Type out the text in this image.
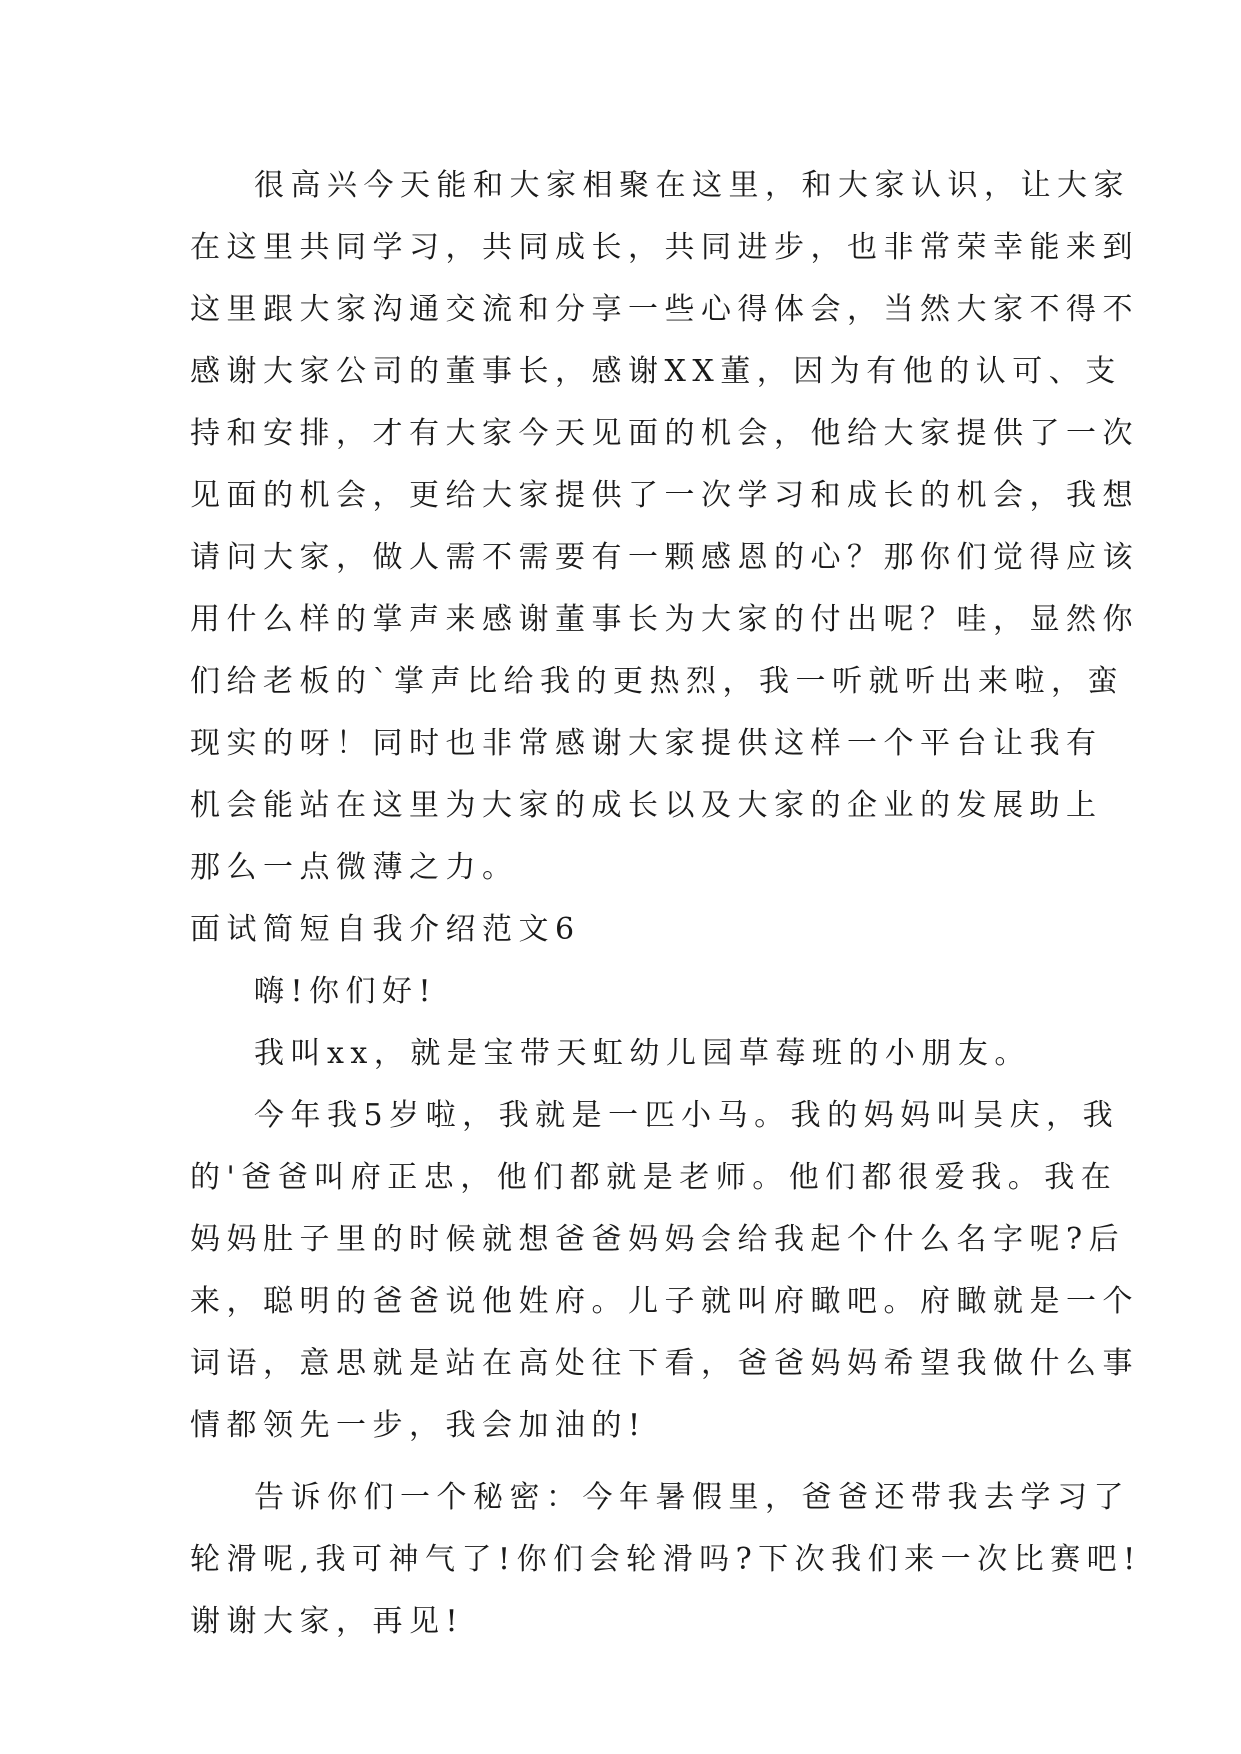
很高兴今天能和大家相聚在这里，和大家认识，让大家
在这里共同学习，共同成长，共同进步，也非常荣幸能来到
这里跟大家沟通交流和分享一些心得体会，当然大家不得不
感谢大家公司的董事长，感谢XX董，因为有他的认可、支
持和安排，才有大家今天见面的机会，他给大家提供了一次
见面的机会，更给大家提供了一次学习和成长的机会，我想
请问大家，做人需不需要有一颗感恩的心？那你们觉得应该
用什么样的掌声来感谢董事长为大家的付出呢？哇，显然你
们给老板的`掌声比给我的更热烈，我一听就听出来啦，蛮
现实的呀！同时也非常感谢大家提供这样一个平台让我有
机会能站在这里为大家的成长以及大家的企业的发展助上
那么一点微薄之力。
面试简短自我介绍范文6
嗨!你们好!
我叫xx，就是宝带天虹幼儿园草莓班的小朋友。
今年我5岁啦，我就是一匹小马。我的妈妈叫吴庆，我
的'爸爸叫府正忠，他们都就是老师。他们都很爱我。我在
妈妈肚子里的时候就想爸爸妈妈会给我起个什么名字呢?后
来，聪明的爸爸说他姓府。儿子就叫府瞰吧。府瞰就是一个
词语，意思就是站在高处往下看，爸爸妈妈希望我做什么事
情都领先一步，我会加油的!
告诉你们一个秘密：今年暑假里，爸爸还带我去学习了
轮滑呢,我可神气了!你们会轮滑吗?下次我们来一次比赛吧!
谢谢大家，再见!
